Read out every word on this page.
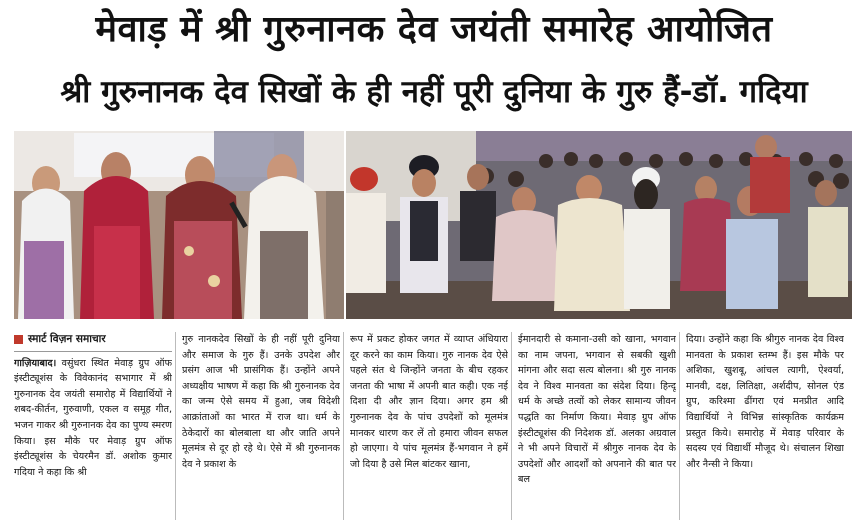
मेवाड़ में श्री गुरुनानक देव जयंती समारेह आयोजित
श्री गुरुनानक देव सिखों के ही नहीं पूरी दुनिया के गुरु हैं-डॉ. गदिया
स्मार्ट विज़न समाचार
गाज़ियाबाद। वसुंधरा स्थित मेवाड़ ग्रुप ऑफ इंस्टीट्यूशंस के विवेकानंद सभागार में श्री गुरुनानक देव जयंती समारोह में विद्यार्थियों ने शबद-कीर्तन, गुरुवाणी, एकल व समूह गीत, भजन गाकर श्री गुरुनानक देव का पुण्य स्मरण किया। इस मौके पर मेवाड़ ग्रुप ऑफ इंस्टीट्यूशंस के चेयरमैन डॉ. अशोक कुमार गदिया ने कहा कि श्री
गुरु नानकदेव सिखों के ही नहीं पूरी दुनिया और समाज के गुरु हैं। उनके उपदेश और प्रसंग आज भी प्रासंगिक हैं। उन्होंने अपने अध्यक्षीय भाषण में कहा कि श्री गुरुनानक देव का जन्म ऐसे समय में हुआ, जब विदेशी आक्रांताओं का भारत में राज था। धर्म के ठेकेदारों का बोलबाला था और जाति अपने मूलमंत्र से दूर हो रहे थे। ऐसे में श्री गुरुनानक देव ने प्रकाश के
रूप में प्रकट होकर जगत में व्याप्त अंधियारा दूर करने का काम किया। गुरु नानक देव ऐसे पहले संत थे जिन्होंने जनता के बीच रहकर जनता की भाषा में अपनी बात कही। एक नई दिशा दी और ज्ञान दिया। अगर हम श्री गुरुनानक देव के पांच उपदेशों को मूलमंत्र मानकर धारण कर लें तो हमारा जीवन सफल हो जाएगा। ये पांच मूलमंत्र हैं-भगवान ने हमें जो दिया है उसे मिल बांटकर खाना,
ईमानदारी से कमाना-उसी को खाना, भगवान का नाम जपना, भगवान से सबकी खुशी मांगना और सदा सत्य बोलना। श्री गुरु नानक देव ने विश्व मानवता का संदेश दिया। हिन्दू धर्म के अच्छे तत्वों को लेकर सामान्य जीवन पद्धति का निर्माण किया। मेवाड़ ग्रुप ऑफ इंस्टीट्यूशंस की निदेशक डॉ. अलका अग्रवाल ने भी अपने विचारों में श्रीगुरु नानक देव के उपदेशों और आदर्शों को अपनाने की बात पर बल
दिया। उन्होंने कहा कि श्रीगुरु नानक देव विश्व मानवता के प्रकाश स्तम्भ हैं। इस मौके पर अशिका, खुशबू, आंचल त्यागी, ऐश्वर्या, मानवी, दक्ष, लितिक्षा, अर्शदीप, सोनल एंड ग्रुप, करिश्मा ढींगरा एवं मनप्रीत आदि विद्यार्थियों ने विभिन्न सांस्कृतिक कार्यक्रम प्रस्तुत किये। समारोह में मेवाड़ परिवार के सदस्य एवं विद्यार्थी मौजूद थे। संचालन शिखा और नैन्सी ने किया।
